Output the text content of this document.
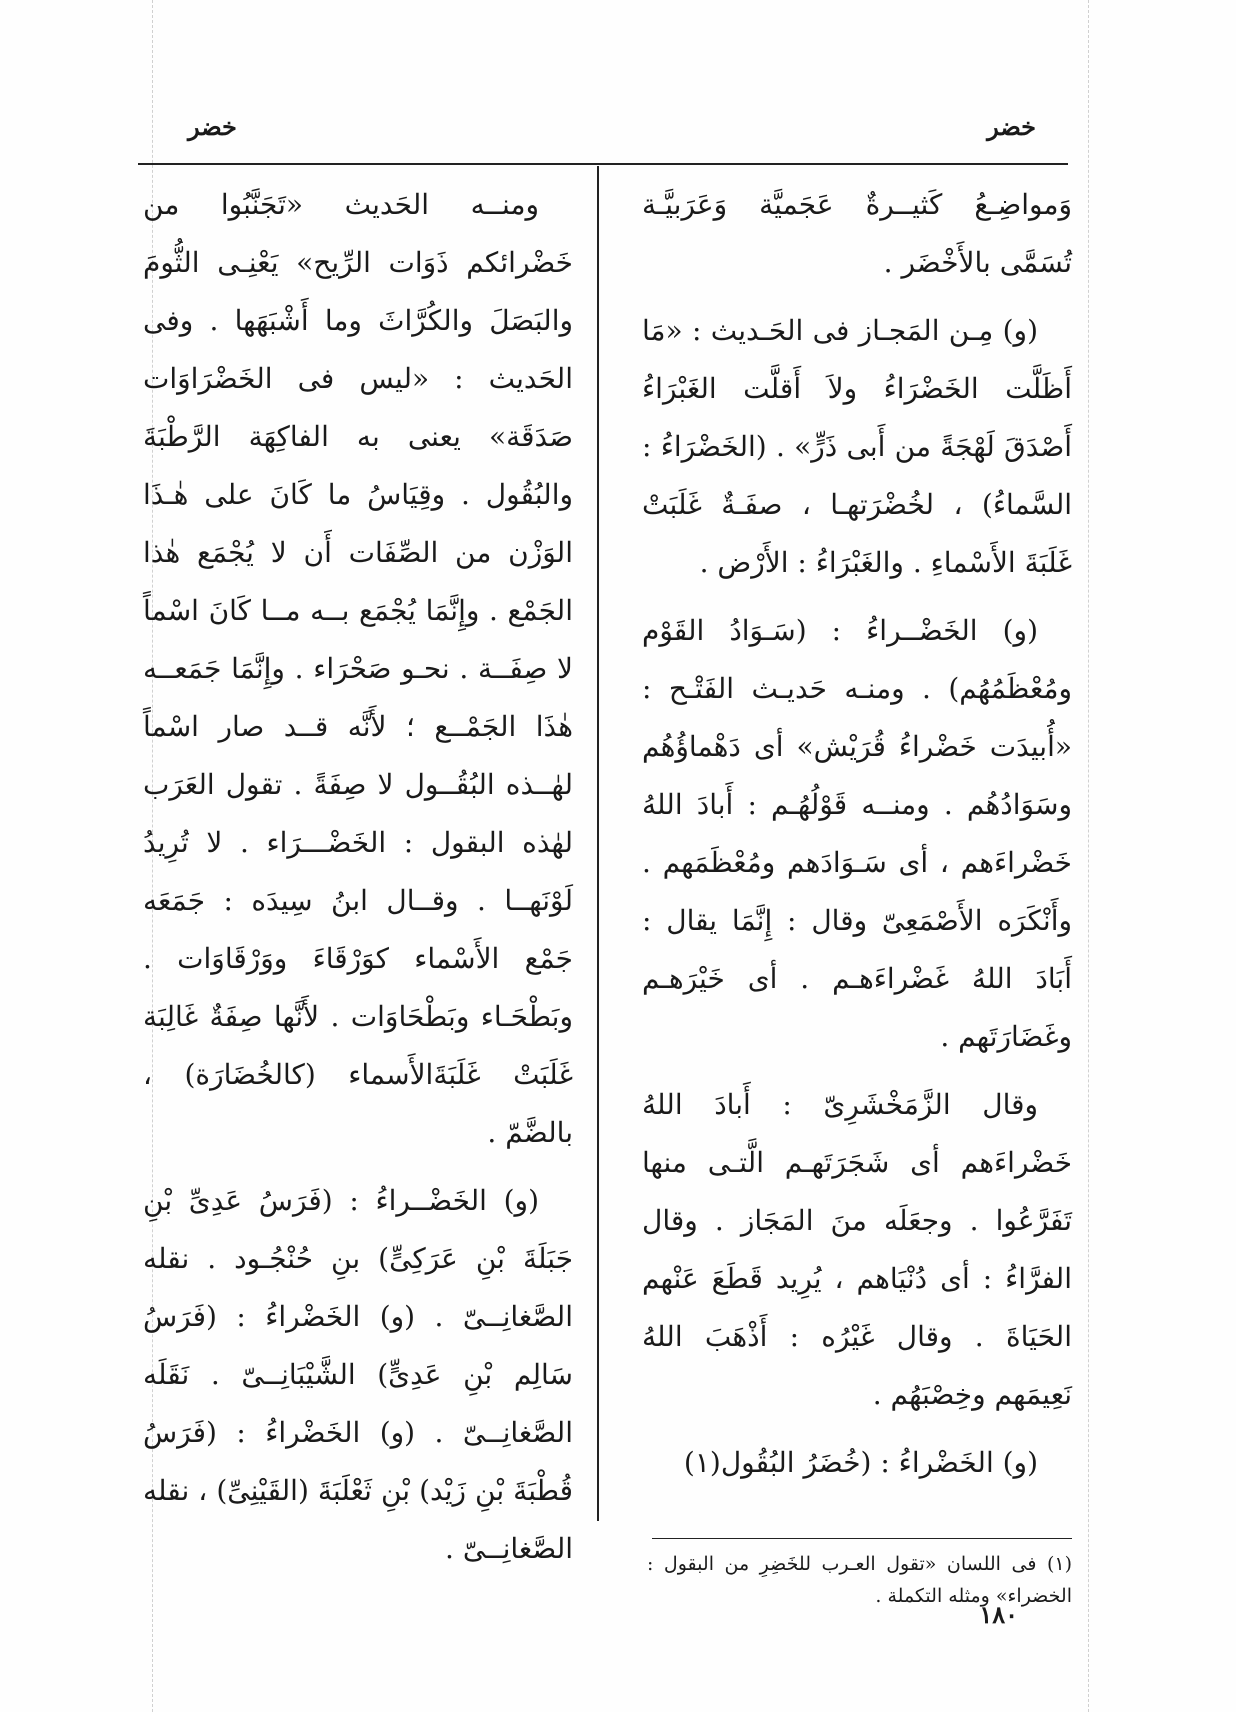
خضر
خضر

وَمواضِـعُ كَثيــرةٌ عَجَميَّة وَعَرَبيَّـة تُسَمَّى بالأَخْضَر .

(و) مِـن المَجـاز فى الحَـديث : «مَا أَظَلَّت الخَضْرَاءُ ولاَ أَقلَّت الغَبْرَاءُ أَصْدَقَ لَهْجَةً من أَبى ذَرٍّ» . (الخَضْرَاءُ : السَّماءُ) ، لخُضْرَتهـا ، صفَـةٌ غَلَبَتْ غَلَبَةَ الأَسْماءِ . والغَبْرَاءُ : الأَرْض .

(و) الخَضْــراءُ : (سَـوَادُ القَوْم ومُعْظَمُهُم) . ومنـه حَديـث الفَتْـح : «أُبيدَت خَضْراءُ قُرَيْش» أى دَهْماؤُهُم وسَوَادُهُم . ومنــه قَوْلُهُـم : أَبادَ اللهُ خَضْراءَهم ، أى سَـوَادَهم ومُعْظَمَهم . وأَنْكَرَه الأَصْمَعِىّ وقال : إِنَّمَا يقال : أَبَادَ اللهُ غَضْراءَهـم . أى خَيْرَهـم وغَضَارَتَهم .

وقال الزَّمَخْشَرِىّ : أَبادَ اللهُ خَضْراءَهم أى شَجَرَتَهـم الَّتـى منها تَفَرَّعُوا . وجعَلَه منَ المَجَاز . وقال الفرَّاءُ : أى دُنْيَاهم ، يُرِيد قَطَعَ عَنْهم الحَيَاةَ . وقال غَيْرُه : أَذْهَبَ اللهُ نَعِيمَهم وخِصْبَهُم .

(و) الخَضْراءُ : (خُضَرُ البُقُول(١)

ومنــه الحَديث «تَجَنَّبُوا من خَضْرائكم ذَوَات الرِّيح» يَعْنِـى الثُّومَ والبَصَلَ والكُرَّاثَ وما أَشْبَهَها . وفى الحَديث : «ليس فى الخَضْرَاوَات صَدَقَة» يعنى به الفاكِهَة الرَّطْبَةَ والبُقُول . وقِيَاسُ ما كَانَ على هٰـذَا الوَزْن من الصِّفَات أَن لا يُجْمَع هٰذا الجَمْع . وإِنَّمَا يُجْمَع بــه مــا كَانَ اسْماً لا صِفَــة . نحـو صَحْرَاء . وإِنَّمَا جَمَعــه هٰذَا الجَمْــع ؛ لأَنَّه قــد صار اسْماً لهٰــذه البُقُــول لا صِفَةً . تقول العَرَب لهٰذه البقول : الخَضْـــرَاء . لا تُرِيدُ لَوْنَهــا . وقــال ابنُ سِيدَه : جَمَعَه جَمْع الأَسْماء كوَرْقَاءَ ووَرْقَاوَات . وبَطْحَـاء وبَطْحَاوَات . لأَنَّها صِفَةٌ غَالِبَة غَلَبَتْ غَلَبَةَالأَسماء (كالخُضَارَة) ، بالضَّمّ .

(و) الخَضْــراءُ : (فَرَسُ عَدِىِّ بْنِ جَبَلَةَ بْنِ عَرَكِىٍّ) بنِ حُنْجُـود . نقله الصَّغانِــىّ . (و) الخَضْراءُ : (فَرَسُ سَالِم بْنِ عَدِىٍّ) الشَّيْبَانِــىّ . نَقَلَه الصَّغانِــىّ . (و) الخَضْراءُ : (فَرَسُ قُطْبَةَ بْنِ زَيْد) بْنِ ثَعْلَبَةَ (القَيْنِىِّ) ، نقله الصَّغانِــىّ .	(١) فى اللسان «تقول العـرب للخَضِرِ من البقول : الخضراء» ومثله التكملة .
١٨٠
